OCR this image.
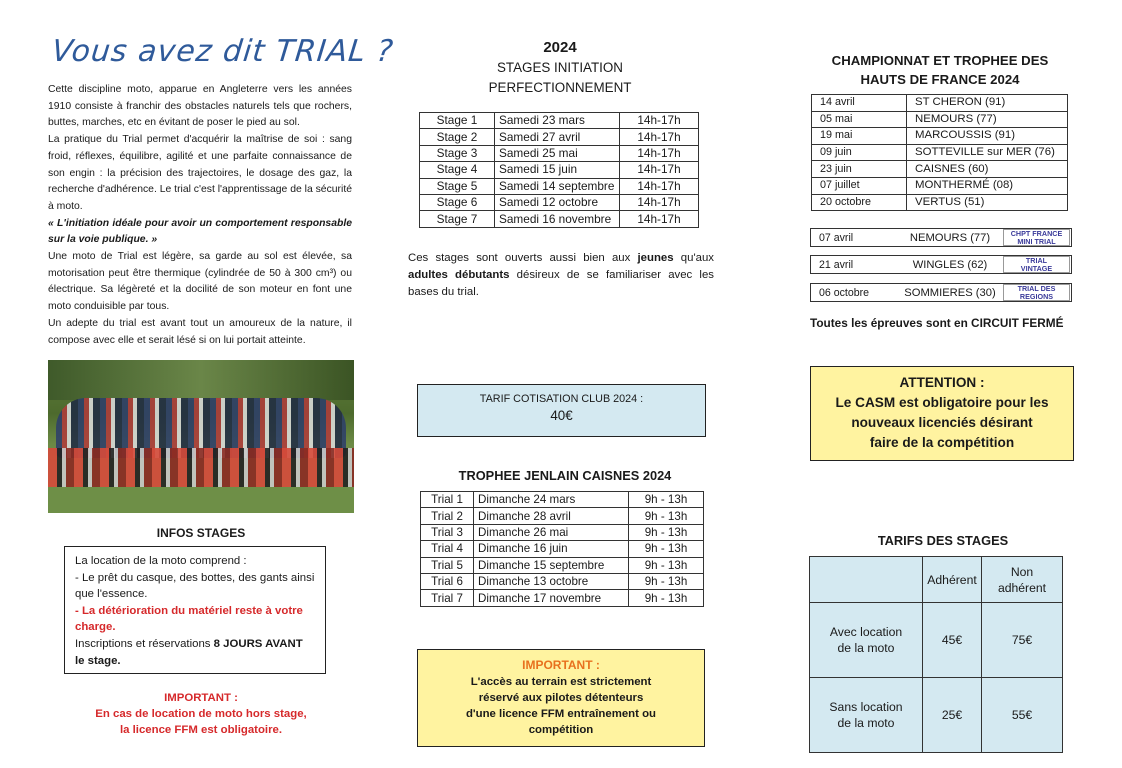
Vous avez dit TRIAL ?

Cette discipline moto, apparue en Angleterre vers les années 1910 consiste à franchir des obstacles naturels tels que rochers, buttes, marches, etc en évitant de poser le pied au sol.

La pratique du Trial permet d'acquérir la maîtrise de soi : sang froid, réflexes, équilibre, agilité et une parfaite connaissance de son engin : la précision des trajectoires, le dosage des gaz, la recherche d'adhérence. Le trial c'est l'apprentissage de la sécurité à moto.

« L'initiation idéale pour avoir un comportement responsable sur la voie publique. »

Une moto de Trial est légère, sa garde au sol est élevée, sa motorisation peut être thermique (cylindrée de 50 à 300 cm³) ou électrique. Sa légèreté et la docilité de son moteur en font une moto conduisible par tous.

Un adepte du trial est avant tout un amoureux de la nature, il compose avec elle et serait lésé si on lui portait atteinte.

INFOS STAGES

La location de la moto comprend :

- Le prêt du casque, des bottes, des gants ainsi que l'essence.

- La détérioration du matériel reste à votre charge.

Inscriptions et réservations 8 JOURS AVANT
le stage.

IMPORTANT :
En cas de location de moto hors stage,
la licence FFM est obligatoire.
2024
STAGES INITIATION
PERFECTIONNEMENT
Stage 1	Samedi 23 mars	14h-17h
Stage 2	Samedi 27 avril	14h-17h
Stage 3	Samedi 25 mai	14h-17h
Stage 4	Samedi 15 juin	14h-17h
Stage 5	Samedi 14 septembre	14h-17h
Stage 6	Samedi 12 octobre	14h-17h
Stage 7	Samedi 16 novembre	14h-17h
Ces stages sont ouverts aussi bien aux jeunes qu'aux adultes débutants désireux de se familiariser avec les bases du trial.
TARIF COTISATION CLUB 2024 :
40€
TROPHEE JENLAIN CAISNES 2024
Trial 1	Dimanche 24 mars	9h - 13h
Trial 2	Dimanche 28 avril	9h - 13h
Trial 3	Dimanche 26 mai	9h - 13h
Trial 4	Dimanche 16 juin	9h - 13h
Trial 5	Dimanche 15 septembre	9h - 13h
Trial 6	Dimanche 13 octobre	9h - 13h
Trial 7	Dimanche 17 novembre	9h - 13h
IMPORTANT :
L'accès au terrain est strictement
réservé aux pilotes détenteurs
d'une licence FFM entraînement ou
compétition
CHAMPIONNAT ET TROPHEE DES
HAUTS DE FRANCE 2024
14 avril	ST CHERON (91)
05 mai	NEMOURS (77)
19 mai	MARCOUSSIS (91)
09 juin	SOTTEVILLE sur MER (76)
23 juin	CAISNES (60)
07 juillet	MONTHERMÉ (08)
20 octobre	VERTUS (51)
07 avril	NEMOURS (77)	CHPT FRANCE
MINI TRIAL
21 avril	WINGLES (62)	TRIAL
VINTAGE
06 octobre	SOMMIERES (30)	TRIAL DES
REGIONS
Toutes les épreuves sont en CIRCUIT FERMÉ
ATTENTION :
Le CASM est obligatoire pour les
nouveaux licenciés désirant
faire de la compétition
TARIFS DES STAGES
	Adhérent	Non
adhérent

Avec location
de la moto	45€	75€

Sans location
de la moto	25€	55€
